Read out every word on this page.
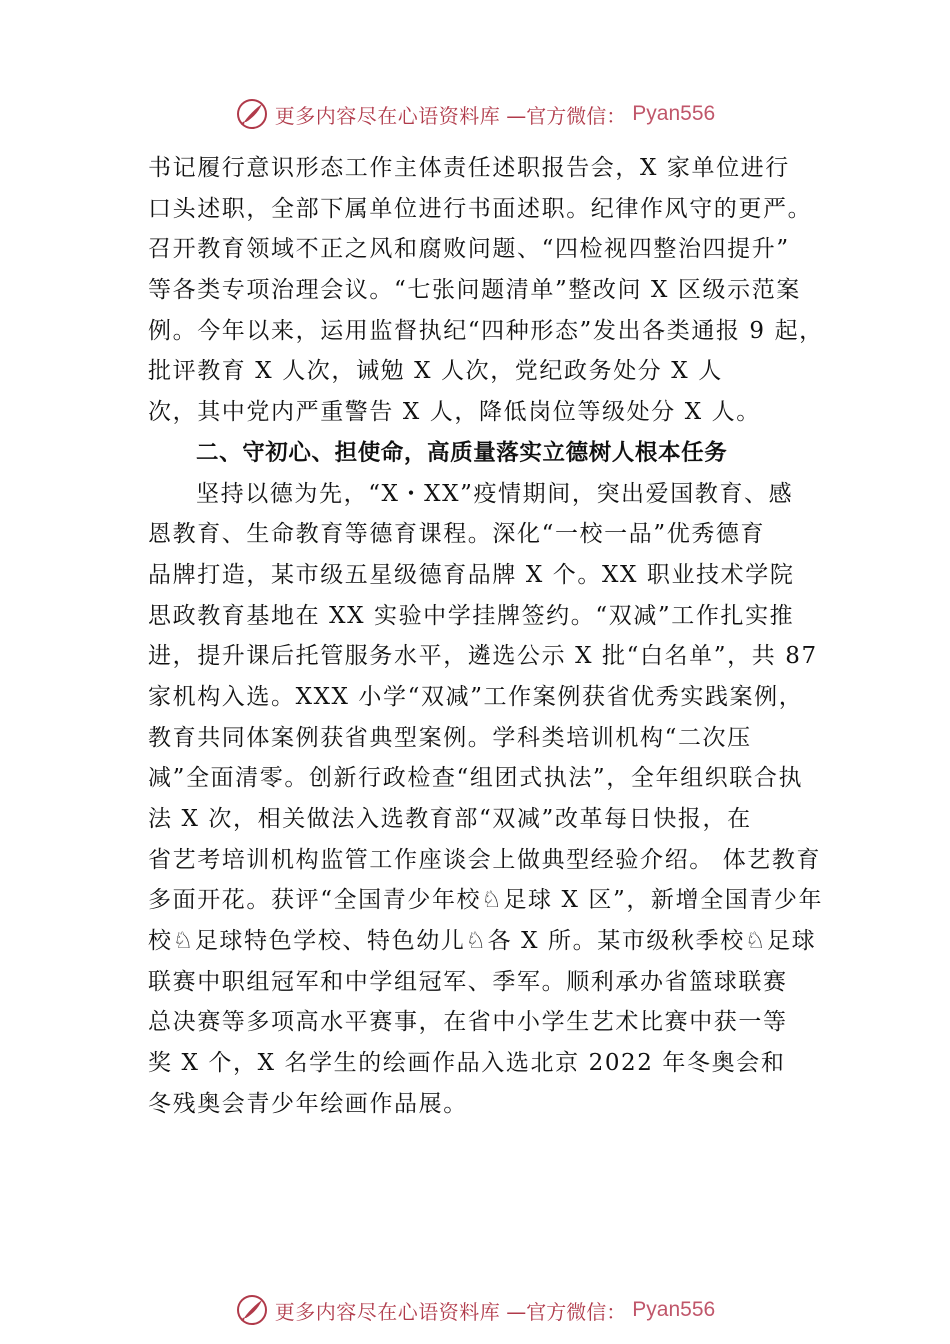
更多内容尽在心语资料库 —官方微信： Pyan556
书记履行意识形态工作主体责任述职报告会，X 家单位进行
口头述职，全部下属单位进行书面述职。纪律作风守的更严。
召开教育领域不正之风和腐败问题、“四检视四整治四提升”
等各类专项治理会议。“七张问题清单”整改问 X 区级示范案
例。今年以来，运用监督执纪“四种形态”发出各类通报 9 起，
批评教育 X 人次，诫勉 X 人次，党纪政务处分 X 人
次，其中党内严重警告 X 人，降低岗位等级处分 X 人。
二、守初心、担使命，高质量落实立德树人根本任务
坚持以德为先，“X・XX”疫情期间，突出爱国教育、感
恩教育、生命教育等德育课程。深化“一校一品”优秀德育
品牌打造，某市级五星级德育品牌 X 个。XX 职业技术学院
思政教育基地在 XX 实验中学挂牌签约。“双减”工作扎实推
进，提升课后托管服务水平，遴选公示 X 批“白名单”，共 87
家机构入选。XXX 小学“双减”工作案例获省优秀实践案例，
教育共同体案例获省典型案例。学科类培训机构“二次压
减”全面清零。创新行政检查“组团式执法”，全年组织联合执
法 X 次，相关做法入选教育部“双减”改革每日快报，在
省艺考培训机构监管工作座谈会上做典型经验介绍。 体艺教育
多面开花。获评“全国青少年校♘足球 X 区”，新增全国青少年
校♘足球特色学校、特色幼儿♘各 X 所。某市级秋季校♘足球
联赛中职组冠军和中学组冠军、季军。顺利承办省篮球联赛
总决赛等多项高水平赛事，在省中小学生艺术比赛中获一等
奖 X 个，X 名学生的绘画作品入选北京 2022 年冬奥会和
冬残奥会青少年绘画作品展。
更多内容尽在心语资料库 —官方微信： Pyan556
